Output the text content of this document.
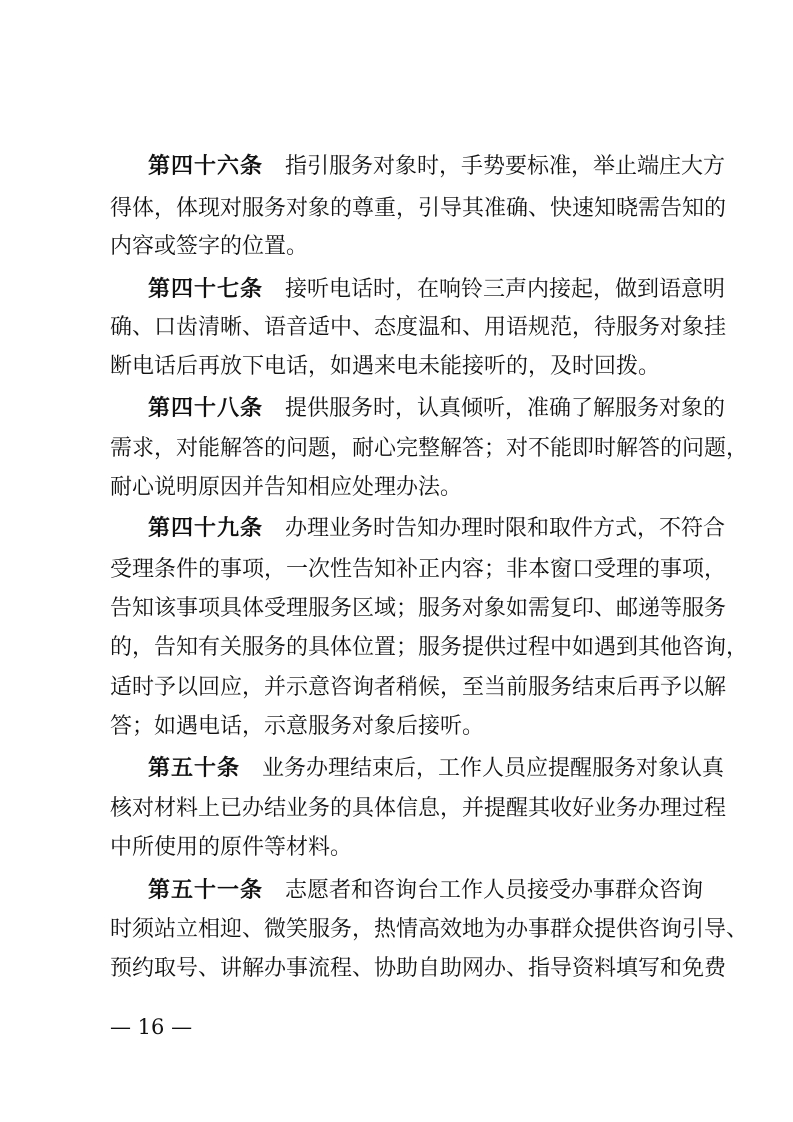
第四十六条 指引服务对象时，手势要标准，举止端庄大方
得体，体现对服务对象的尊重，引导其准确、快速知晓需告知的
内容或签字的位置。
第四十七条 接听电话时，在响铃三声内接起，做到语意明
确、口齿清晰、语音适中、态度温和、用语规范，待服务对象挂
断电话后再放下电话，如遇来电未能接听的，及时回拨。
第四十八条 提供服务时，认真倾听，准确了解服务对象的
需求，对能解答的问题，耐心完整解答；对不能即时解答的问题，
耐心说明原因并告知相应处理办法。
第四十九条 办理业务时告知办理时限和取件方式，不符合
受理条件的事项，一次性告知补正内容；非本窗口受理的事项，
告知该事项具体受理服务区域；服务对象如需复印、邮递等服务
的，告知有关服务的具体位置；服务提供过程中如遇到其他咨询，
适时予以回应，并示意咨询者稍候，至当前服务结束后再予以解
答；如遇电话，示意服务对象后接听。
第五十条 业务办理结束后，工作人员应提醒服务对象认真
核对材料上已办结业务的具体信息，并提醒其收好业务办理过程
中所使用的原件等材料。
第五十一条 志愿者和咨询台工作人员接受办事群众咨询
时须站立相迎、微笑服务，热情高效地为办事群众提供咨询引导、
预约取号、讲解办事流程、协助自助网办、指导资料填写和免费
— 16 —
